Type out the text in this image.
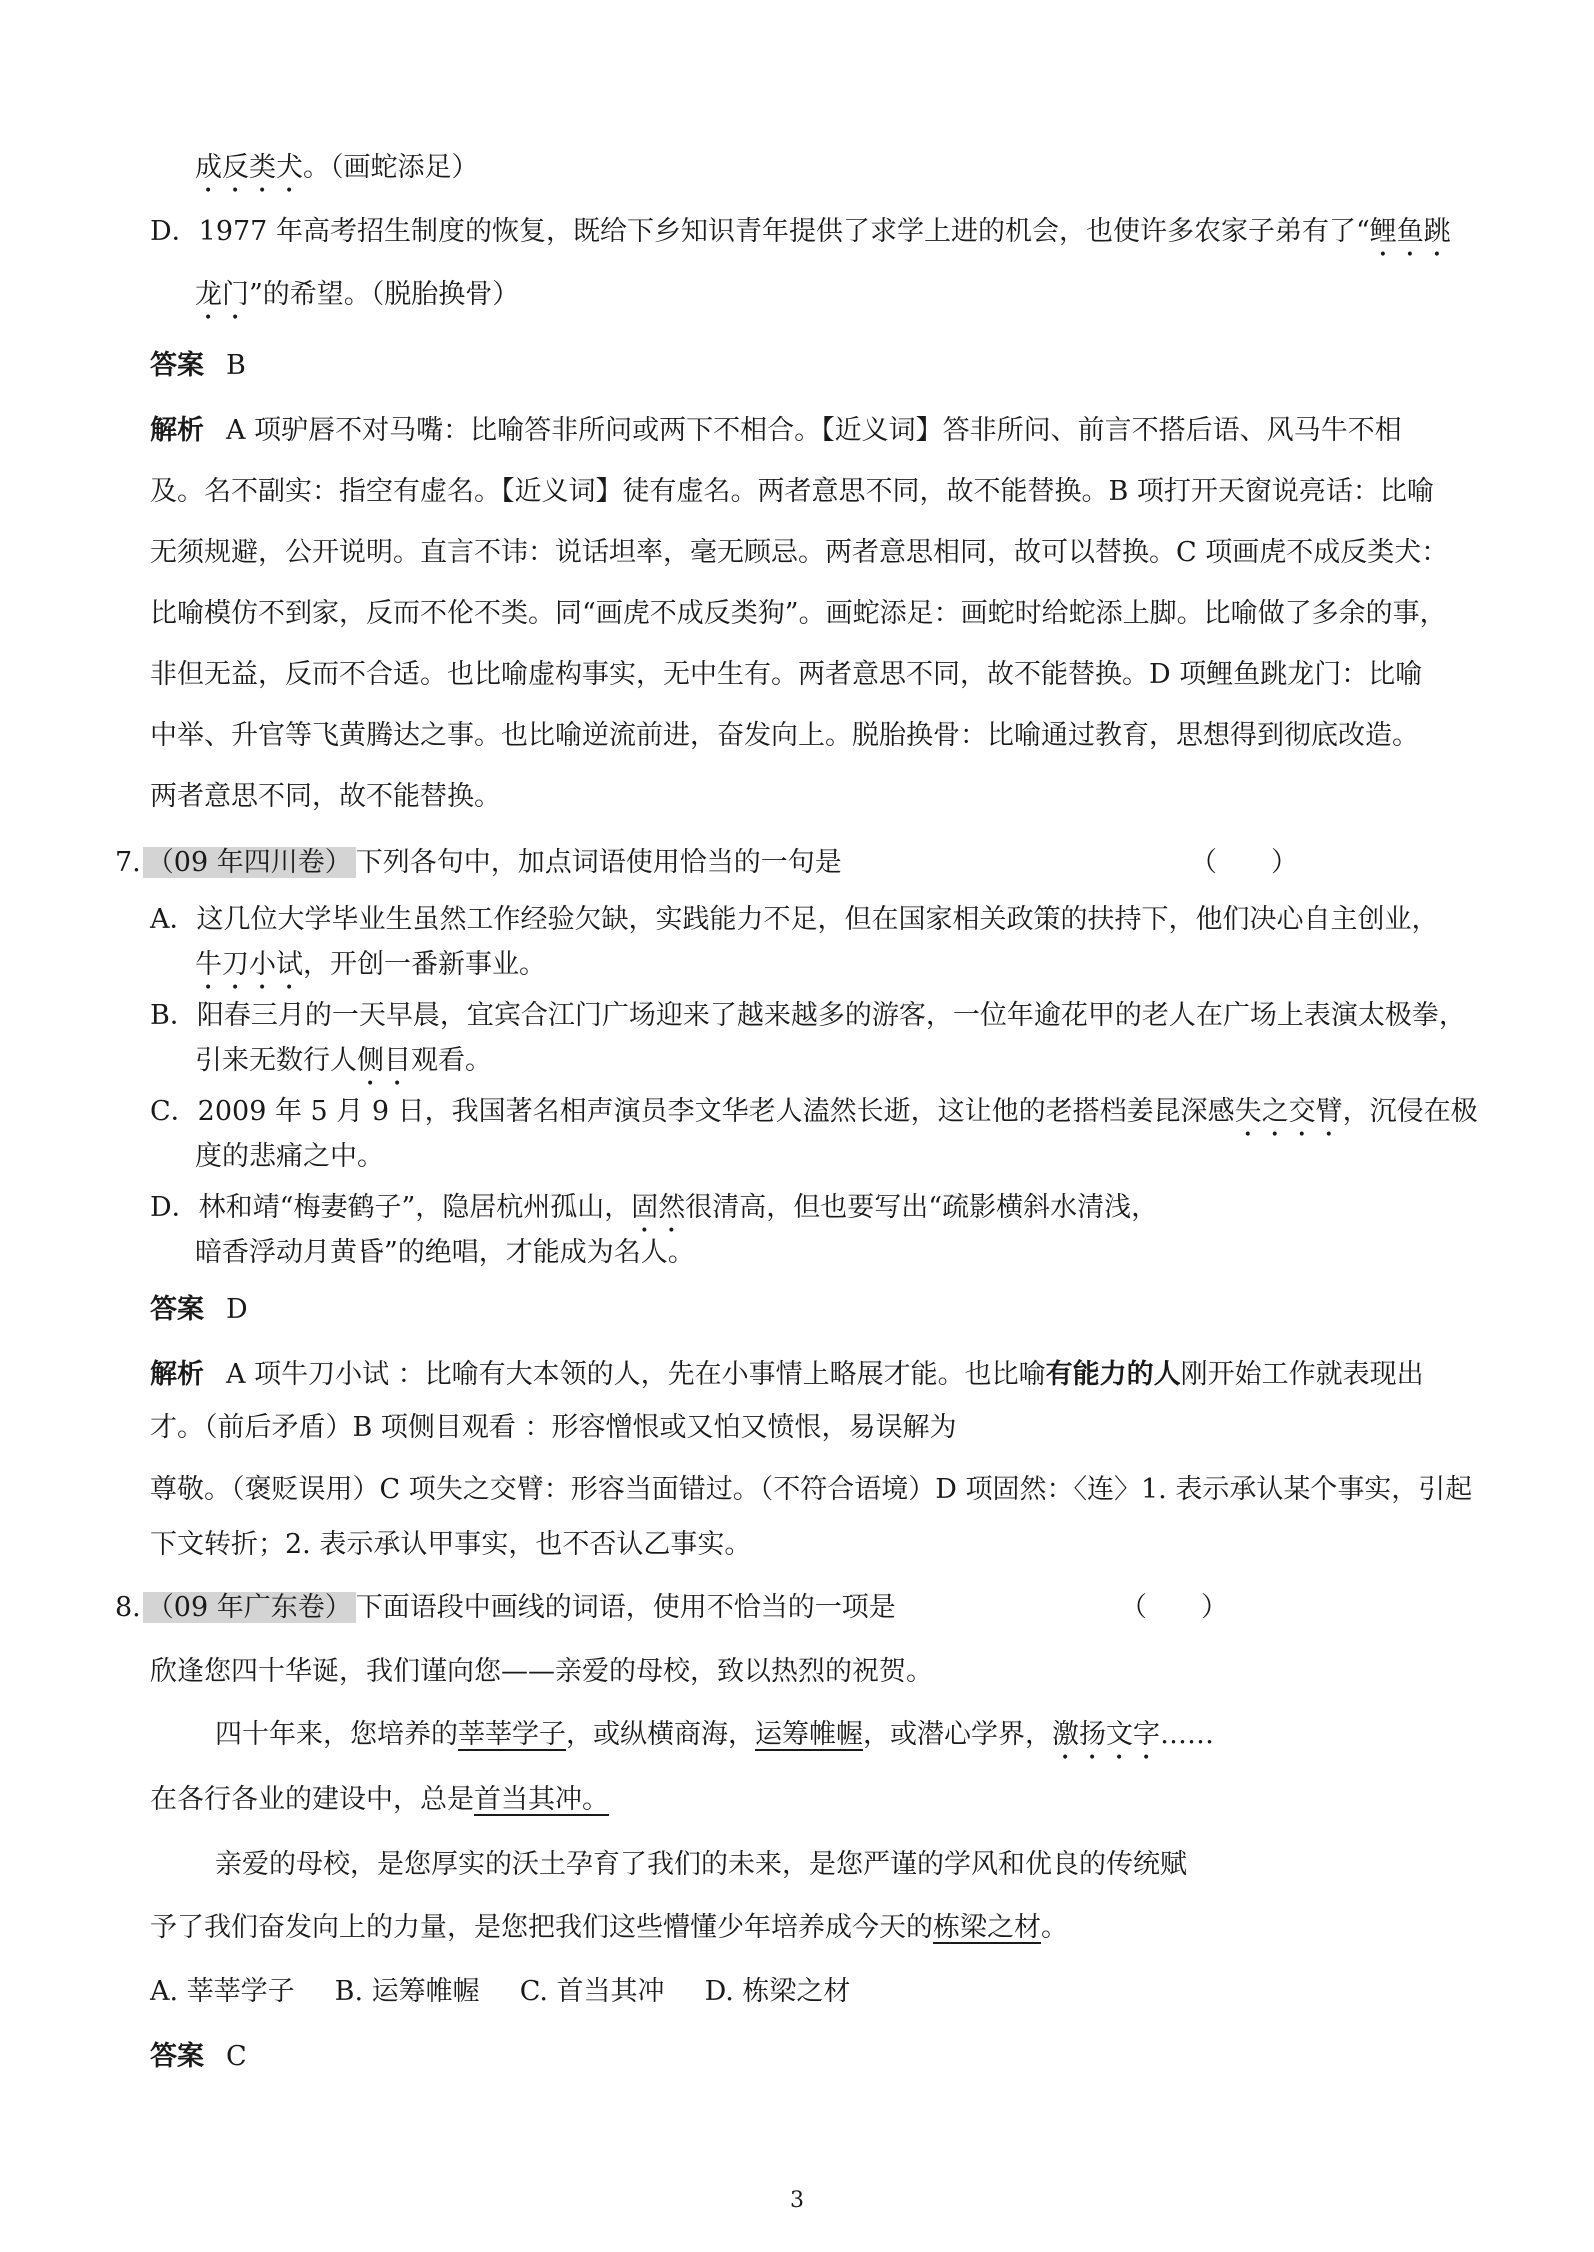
成反类犬。（画蛇添足）
D．1977 年高考招生制度的恢复，既给下乡知识青年提供了求学上进的机会，也使许多农家子弟有了“鲤鱼跳
龙门”的希望。（脱胎换骨）
答案 B
解析 A 项驴唇不对马嘴：比喻答非所问或两下不相合。【近义词】答非所问、前言不搭后语、风马牛不相
及。名不副实：指空有虚名。【近义词】徒有虚名。两者意思不同，故不能替换。B 项打开天窗说亮话：比喻
无须规避，公开说明。直言不讳：说话坦率，毫无顾忌。两者意思相同，故可以替换。C 项画虎不成反类犬：
比喻模仿不到家，反而不伦不类。同“画虎不成反类狗”。画蛇添足：画蛇时给蛇添上脚。比喻做了多余的事，
非但无益，反而不合适。也比喻虚构事实，无中生有。两者意思不同，故不能替换。D 项鲤鱼跳龙门：比喻
中举、升官等飞黄腾达之事。也比喻逆流前进，奋发向上。脱胎换骨：比喻通过教育，思想得到彻底改造。
两者意思不同，故不能替换。
7. （09 年四川卷） 下列各句中，加点词语使用恰当的一句是	（　　）
A．这几位大学毕业生虽然工作经验欠缺，实践能力不足，但在国家相关政策的扶持下，他们决心自主创业，
牛刀小试，开创一番新事业。
B．阳春三月的一天早晨，宜宾合江门广场迎来了越来越多的游客，一位年逾花甲的老人在广场上表演太极拳，
引来无数行人侧目观看。
C．2009 年 5 月 9 日，我国著名相声演员李文华老人溘然长逝，这让他的老搭档姜昆深感失之交臂，沉侵在极
度的悲痛之中。
D．林和靖“梅妻鹤子”，隐居杭州孤山，固然很清高，但也要写出“疏影横斜水清浅，
暗香浮动月黄昏”的绝唱，才能成为名人。
答案 D
解析 A 项牛刀小试 ：比喻有大本领的人，先在小事情上略展才能。也比喻有能力的人刚开始工作就表现出
才。（前后矛盾）B 项侧目观看 ：形容憎恨或又怕又愤恨，易误解为
尊敬。（褒贬误用）C 项失之交臂：形容当面错过。（不符合语境）D 项固然：〈连〉1. 表示承认某个事实，引起
下文转折；2. 表示承认甲事实，也不否认乙事实。
8. （09 年广东卷） 下面语段中画线的词语，使用不恰当的一项是	（　　）
欣逢您四十华诞，我们谨向您——亲爱的母校，致以热烈的祝贺。
四十年来，您培养的莘莘学子，或纵横商海，运筹帷幄，或潜心学界，激扬文字……
在各行各业的建设中，总是首当其冲。
亲爱的母校，是您厚实的沃土孕育了我们的未来，是您严谨的学风和优良的传统赋
予了我们奋发向上的力量，是您把我们这些懵懂少年培养成今天的栋梁之材。
A. 莘莘学子 B. 运筹帷幄 C. 首当其冲 D. 栋梁之材
答案 C
3
